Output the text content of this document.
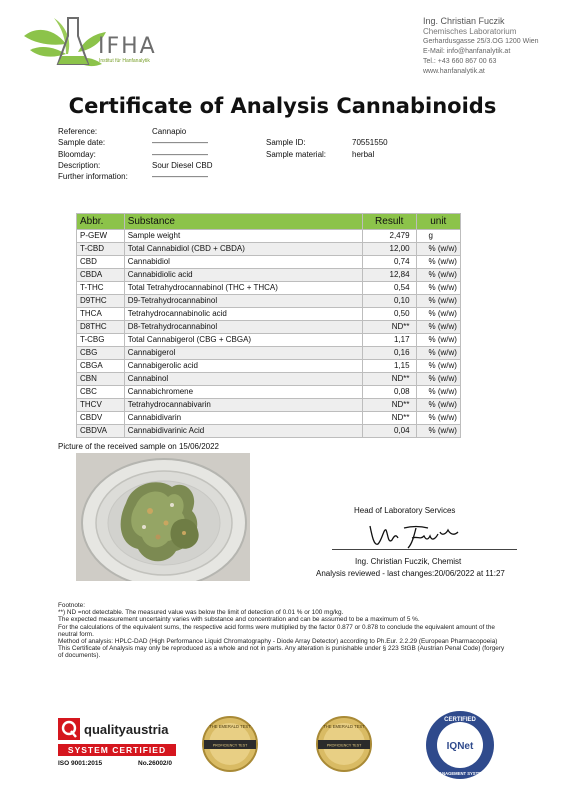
IFHA
Institut für Hanfanalytik
Ing. Christian Fuczik
Chemisches Laboratorium
Gerhardusgasse 25/3.OG 1200 Wien
E-Mail: info@hanfanalytik.at
Tel.: +43 660 867 00 63
www.hanfanalytik.at
Certificate of Analysis Cannabinoids
Reference:	Cannapio
Sample date:	———————	Sample ID:	70551550
Bloomday:	———————	Sample material:	herbal
Description:	Sour Diesel CBD
Further information:	———————
Abbr.	Substance	Result	unit
P-GEW	Sample weight	2,479	g
T-CBD	Total Cannabidiol (CBD + CBDA)	12,00	% (w/w)
CBD	Cannabidiol	0,74	% (w/w)
CBDA	Cannabidiolic acid	12,84	% (w/w)
T-THC	Total Tetrahydrocannabinol (THC + THCA)	0,54	% (w/w)
D9THC	D9-Tetrahydrocannabinol	0,10	% (w/w)
THCA	Tetrahydrocannabinolic acid	0,50	% (w/w)
D8THC	D8-Tetrahydrocannabinol	ND**	% (w/w)
T-CBG	Total Cannabigerol (CBG + CBGA)	1,17	% (w/w)
CBG	Cannabigerol	0,16	% (w/w)
CBGA	Cannabigerolic acid	1,15	% (w/w)
CBN	Cannabinol	ND**	% (w/w)
CBC	Cannabichromene	0,08	% (w/w)
THCV	Tetrahydrocannabivarin	ND**	% (w/w)
CBDV	Cannabidivarin	ND**	% (w/w)
CBDVA	Cannabidivarinic Acid	0,04	% (w/w)
Picture of the received sample on 15/06/2022
Head of Laboratory Services
Ing. Christian Fuczik, Chemist
Analysis reviewed - last changes:20/06/2022 at 11:27
Footnote:
**) ND =not detectable. The measured value was below the limit of detection of 0.01 % or 100 mg/kg.
The expected measurement uncertainty varies with substance and concentration and can be assumed to be a maximum of 5 %.
For the calculations of the equivalent sums, the respective acid forms were multiplied by the factor 0.877 or 0.878 to conclude the equivalent amount of the
neutral form.
Method of analysis: HPLC-DAD (High Performance Liquid Chromatography - Diode Array Detector) according to Ph.Eur. 2.2.29 (European Pharmacopoeia)
This Certificate of Analysis may only be reproduced as a whole and not in parts. Any alteration is punishable under § 223 StGB (Austrian Penal Code) (forgery
of documents).
qualityaustria
SYSTEM CERTIFIED
ISO 9001:2015	No.26002/0
THE EMERALD TEST
PROFICIENCY TEST
THE EMERALD TEST
PROFICIENCY TEST
CERTIFIED
IQNet
MANAGEMENT SYSTEM
